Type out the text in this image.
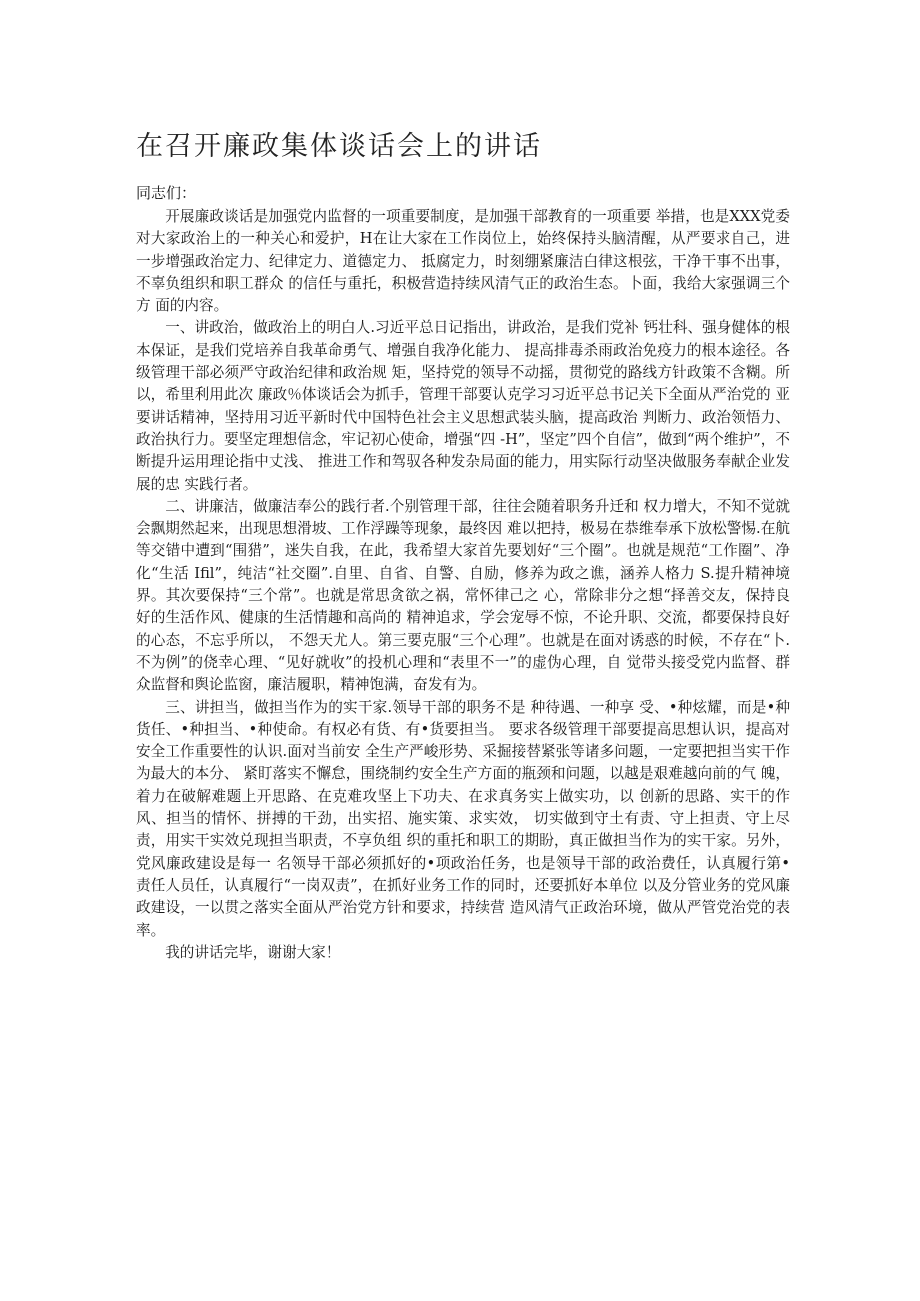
在召开廉政集体谈话会上的讲话

同志们：

开展廉政谈话是加强党内监督的一项重要制度，是加强干部教育的一项重要 举措，也是XXX党委对大家政治上的一种关心和爱护，H在让大家在工作岗位上，始终保持头脑清醒，从严要求自己，进一步增强政治定力、纪律定力、道德定力、 抵腐定力，时刻绷紧廉洁白律这根弦，干净干事不出事，不辜负组织和职工群众 的信任与重托，积极营造持续风清气正的政治生态。卜面，我给大家强调三个方 面的内容。

一、讲政治，做政治上的明白人.习近平总日记指出，讲政治，是我们党补 钙壮科、强身健体的根本保证，是我们党培养自我革命勇气、增强自我净化能力、 提高排毒杀雨政治免疫力的根本途径。各级管理干部必须严守政治纪律和政治规 矩，坚持党的领导不动摇，贯彻党的路线方针政策不含糊。所以，希里利用此次 廉政％体谈话会为抓手，管理干部要认克学习习近平总书记关下全面从严治党的 亚要讲话精神，坚持用习近平新时代中国特色社会主义思想武装头脑，提高政治 判断力、政治领悟力、政治执行力。要坚定理想信念，牢记初心使命，增强“四 -H”，坚定”四个自信”，做到“两个维护”，不断提升运用理论指中丈浅、 推进工作和驾驭各种发杂局面的能力，用实际行动坚决做服务奉献企业发展的忠 实践行者。

二、讲廉洁，做廉洁奉公的践行者.个别管理干部，往往会随着职务升迁和 权力增大，不知不觉就会飘期然起来，出现思想滑坡、工作浮躁等现象，最终因 难以把持，极易在恭维奉承下放松警惕.在航等交错中遭到“围猎”，迷失自我，在此，我希望大家首先要划好“三个圈”。也就是规范“工作圈”、净化“生活 Ifil”，纯洁“社交圈”.自里、自省、自警、自励，修养为政之谯，涵养人格力 S.提升精神境界。其次要保持“三个常”。也就是常思贪欲之祸，常怀律己之 心，常除非分之想“择善交友，保持良好的生活作风、健康的生活情趣和高尚的 精神追求，学会宠辱不惊，不论升职、交流，都要保持良好的心态，不忘乎所以， 不怨天尤人。第三要克服“三个心理”。也就是在面对诱惑的时候，不存在“卜. 不为例”的侥幸心理、“见好就收”的投机心理和“表里不一”的虚伪心理，自 觉带头接受党内监督、群众监督和舆论监窗，廉洁履职，精神饱满，奋发有为。

三、讲担当，做担当作为的实干家.领导干部的职务不是 种待遇、一种享 受、•种炫耀，而是•种货任、•种担当、•种使命。有权必有货、有•货要担当。 要求各级管理干部要提高思想认识，提高对安全工作重要性的认识.面对当前安 全生产严峻形势、采掘接替紧张等诸多问题，一定要把担当实干作为最大的本分、 紧盯落实不懈怠，围绕制约安全生产方面的瓶颈和问题，以越是艰难越向前的气 魄，着力在破解难题上开思路、在克难攻坚上下功夫、在求真务实上做实功，以 创新的思路、实干的作风、担当的情怀、拼搏的干劲，出实招、施实策、求实效， 切实做到守土有责、守上担责、守上尽责，用实干实效兑现担当职责，不享负组 织的重托和职工的期盼，真正做担当作为的实干家。另外，党风廉政建设是每一 名领导干部必须抓好的•项政治任务，也是领导干部的政治费任，认真履行第• 责任人员任，认真履行“一岗双责”，在抓好业务工作的同时，还要抓好本单位 以及分管业务的党风廉政建设，一以贯之落实全面从严治党方针和要求，持续营 造风清气正政治环境，做从严管党治党的表率。

我的讲话完毕，谢谢大家！
